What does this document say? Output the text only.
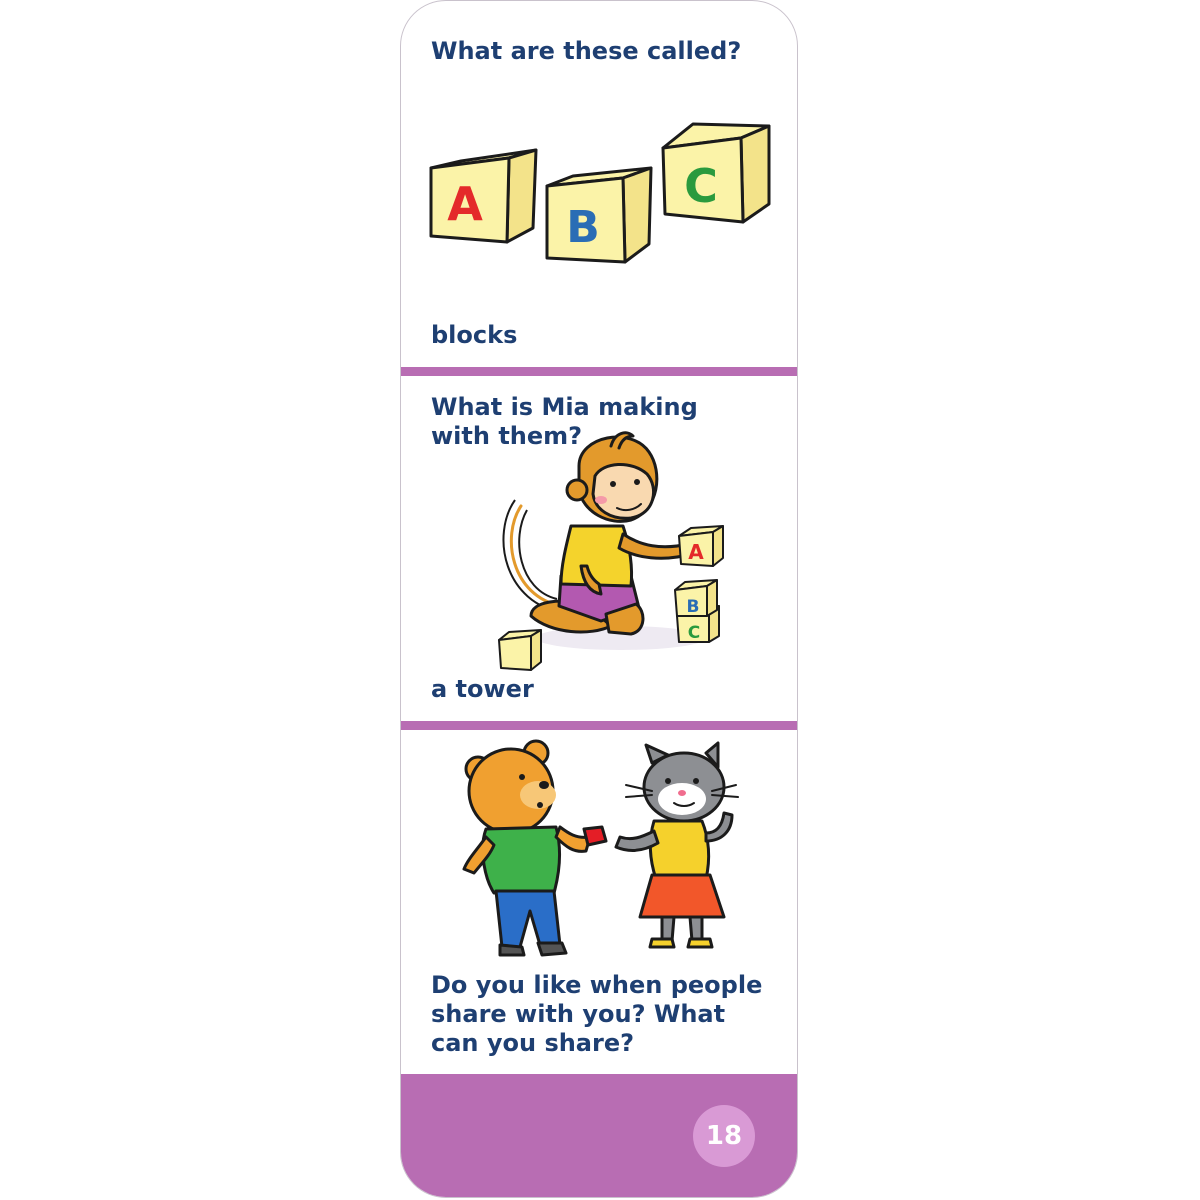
What are these called?

A B
C

blocks

What is Mia making
with them?

A
C
B

a tower

Do you like when people
share with you? What
can you share?

18
